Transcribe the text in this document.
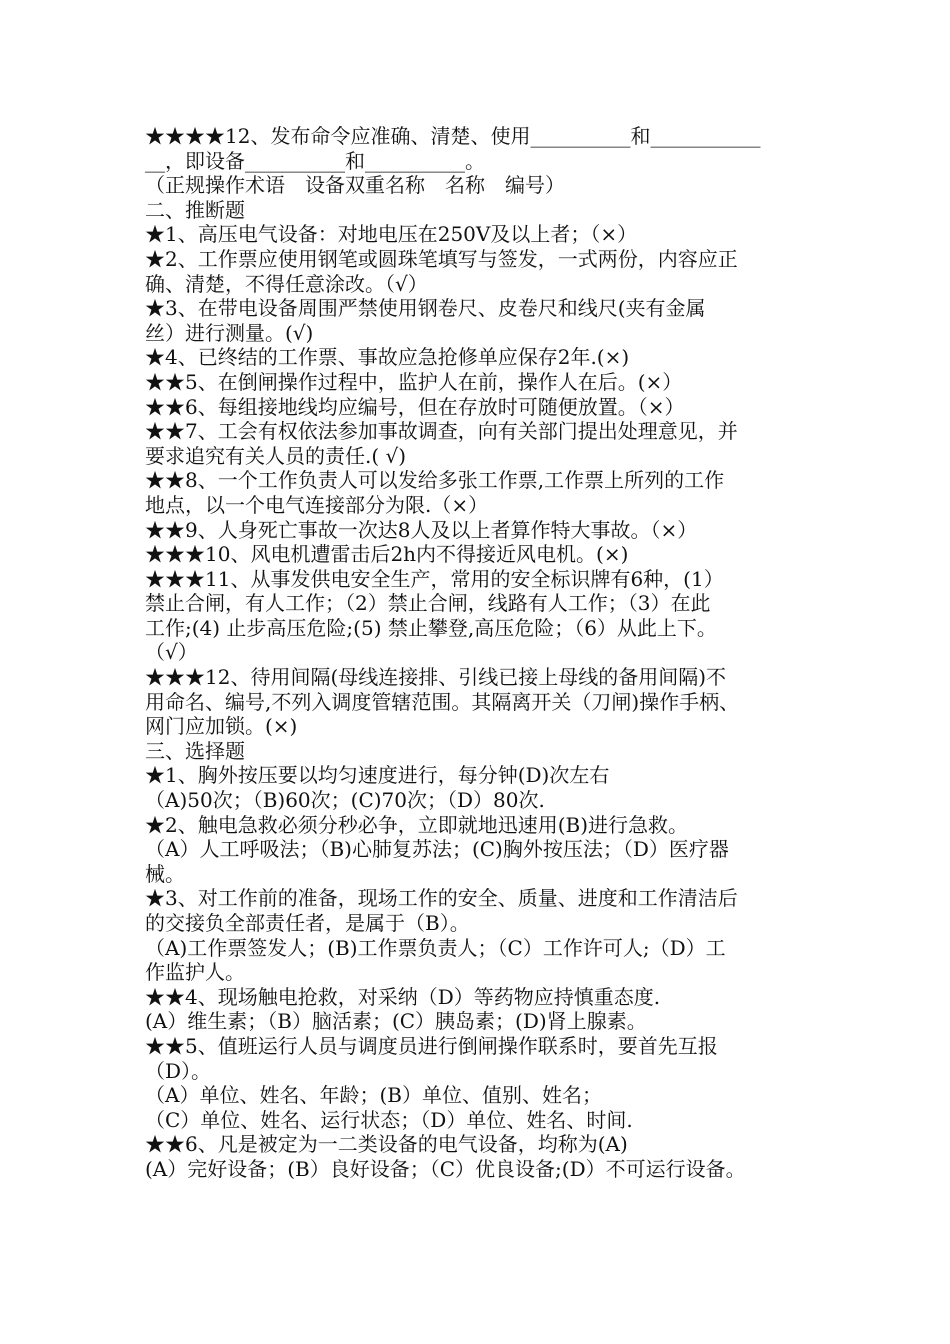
★★★★12、发布命令应准确、清楚、使用__________和___________
__，即设备__________和__________。
（正规操作术语　设备双重名称　名称　编号）
二、推断题
★1、高压电气设备：对地电压在250V及以上者；（×）
★2、工作票应使用钢笔或圆珠笔填写与签发，一式两份，内容应正
确、清楚，不得任意涂改。（√）
★3、在带电设备周围严禁使用钢卷尺、皮卷尺和线尺(夹有金属
丝）进行测量。(√)
★4、已终结的工作票、事故应急抢修单应保存2年.(×)
★★5、在倒闸操作过程中，监护人在前，操作人在后。(×）
★★6、每组接地线均应编号，但在存放时可随便放置。（×）
★★7、工会有权依法参加事故调查，向有关部门提出处理意见，并
要求追究有关人员的责任.( √)
★★8、一个工作负责人可以发给多张工作票,工作票上所列的工作
地点，以一个电气连接部分为限.（×）
★★9、人身死亡事故一次达8人及以上者算作特大事故。（×）
★★★10、风电机遭雷击后2h内不得接近风电机。(×)
★★★11、从事发供电安全生产，常用的安全标识牌有6种，(1）
禁止合闸，有人工作；（2）禁止合闸，线路有人工作；（3）在此
工作;(4) 止步高压危险;(5) 禁止攀登,高压危险；（6）从此上下。
（√）
★★★12、待用间隔(母线连接排、引线已接上母线的备用间隔)不
用命名、编号,不列入调度管辖范围。其隔离开关（刀闸)操作手柄、
网门应加锁。(×)
三、选择题
★1、胸外按压要以均匀速度进行，每分钟(D)次左右
（A)50次；（B)60次；(C)70次；（D）80次.
★2、触电急救必须分秒必争，立即就地迅速用(B)进行急救。
（A）人工呼吸法；（B)心肺复苏法；(C)胸外按压法；（D）医疗器
械。
★3、对工作前的准备，现场工作的安全、质量、进度和工作清洁后
的交接负全部责任者，是属于（B）。
（A)工作票签发人；(B)工作票负责人；（C）工作许可人;（D）工
作监护人。
★★4、现场触电抢救，对采纳（D）等药物应持慎重态度.
(A）维生素；（B）脑活素；(C）胰岛素；(D)肾上腺素。
★★5、值班运行人员与调度员进行倒闸操作联系时，要首先互报
（D）。
（A）单位、姓名、年龄；(B）单位、值别、姓名；
（C）单位、姓名、运行状态；（D）单位、姓名、时间.
★★6、凡是被定为一二类设备的电气设备，均称为(A)
(A）完好设备；(B）良好设备；（C）优良设备;(D）不可运行设备。
